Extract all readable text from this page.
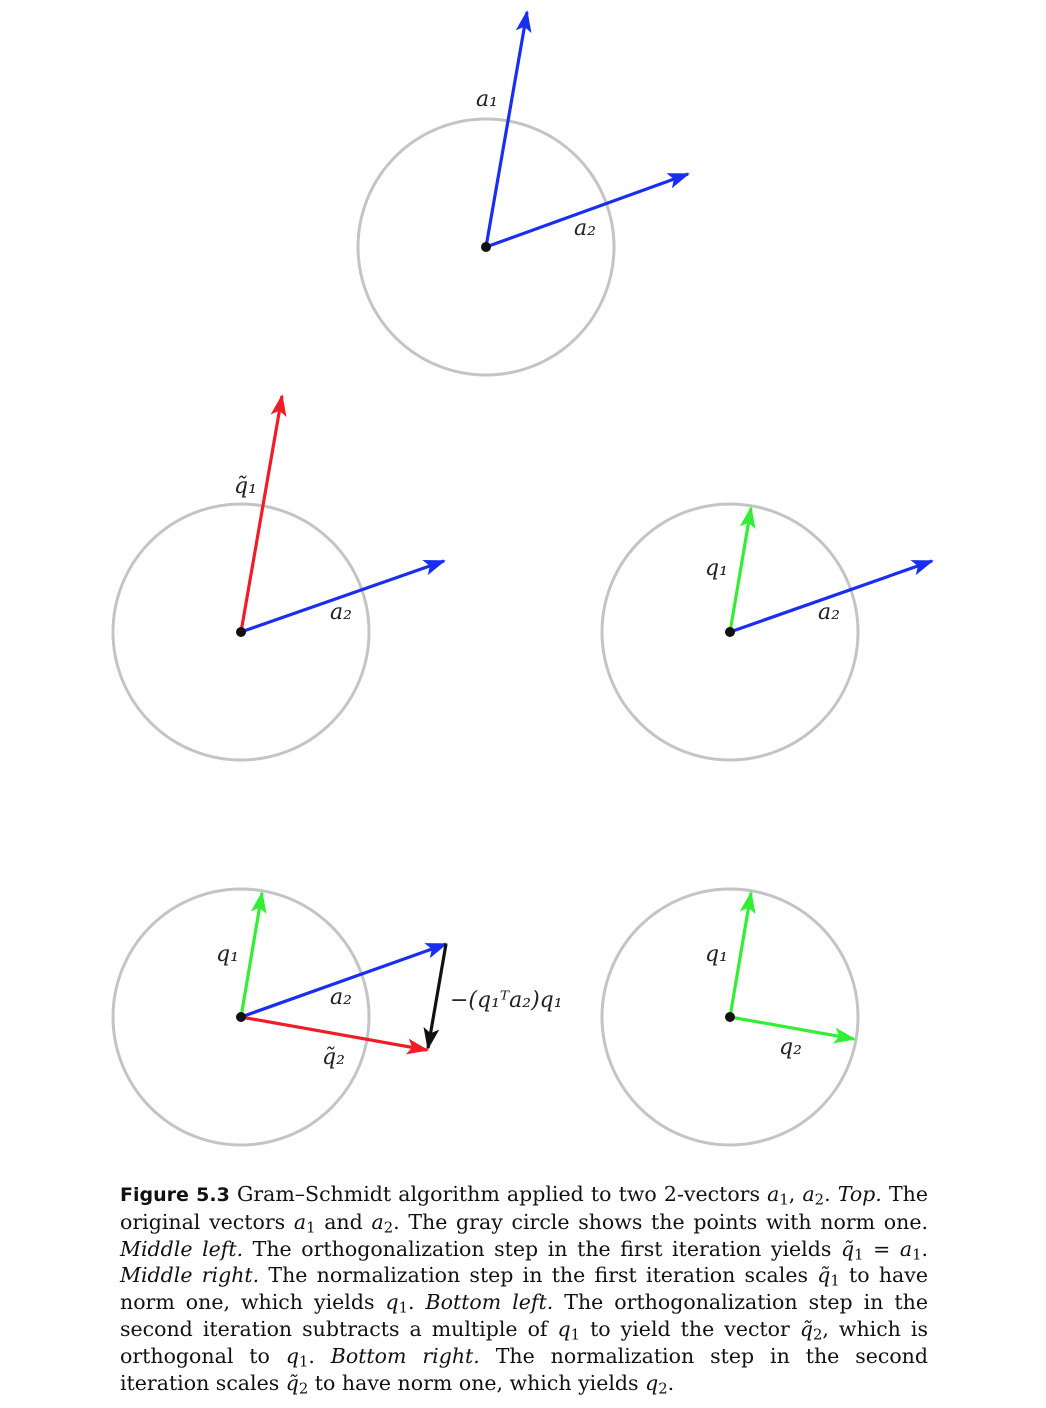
a₁
a₂
q̃₁
a₂
q₁
a₂
q₁
a₂
q̃₂
−(q₁ᵀa₂)q₁
q₁
q₂
Figure 5.3 Gram–Schmidt algorithm applied to two 2-vectors $a_1$, $a_2$. Top. The original vectors $a_1$ and $a_2$. The gray circle shows the points with norm one. Middle left. The orthogonalization step in the first iteration yields $q̃_1 = a_1$. Middle right. The normalization step in the first iteration scales $q̃_1$ to have norm one, which yields $q_1$. Bottom left. The orthogonalization step in the second iteration subtracts a multiple of $q_1$ to yield the vector $q̃_2$, which is orthogonal to $q_1$. Bottom right. The normalization step in the second iteration scales $q̃_2$ to have norm one, which yields $q_2$.
